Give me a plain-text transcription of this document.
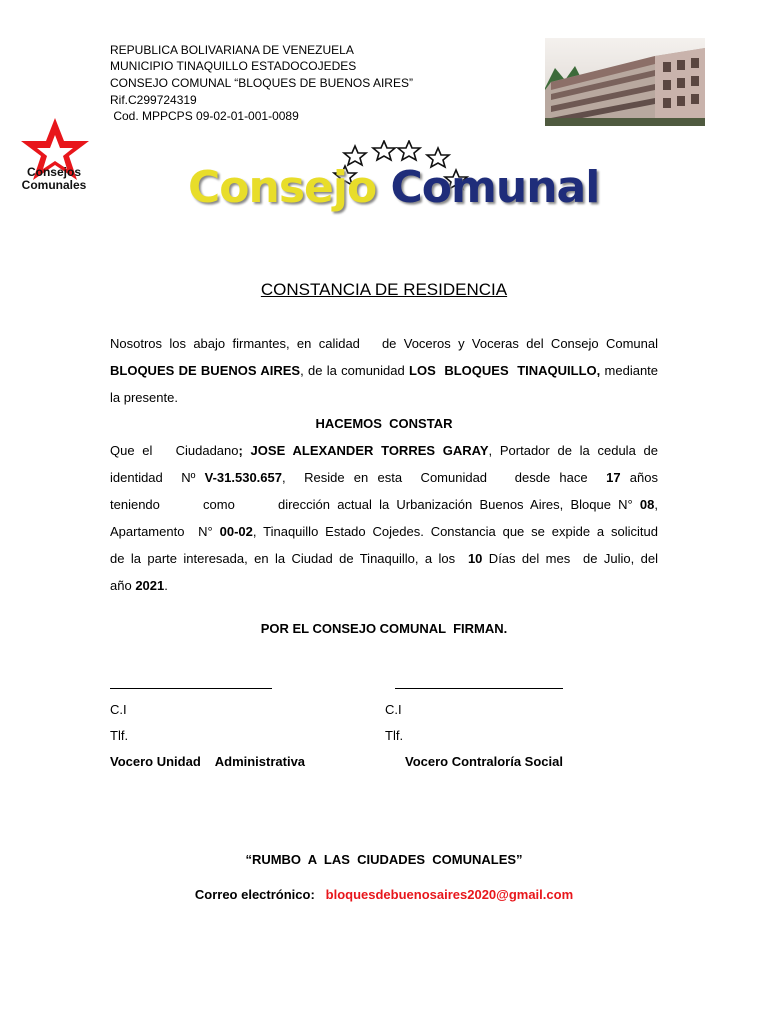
REPUBLICA BOLIVARIANA DE VENEZUELA
MUNICIPIO TINAQUILLO ESTADOCOJEDES
CONSEJO COMUNAL “BLOQUES DE BUENOS AIRES”
Rif.C299724319
Cod. MPPCPS 09-02-01-001-0089
Consejos
Comunales Consejo Comunal
CONSTANCIA DE RESIDENCIA

Nosotros los abajo firmantes, en calidad   de Voceros y Voceras del Consejo Comunal

BLOQUES DE BUENOS AIRES, de la comunidad LOS  BLOQUES  TINAQUILLO, mediante

la presente.

HACEMOS  CONSTAR

Que el   Ciudadano; JOSE ALEXANDER TORRES GARAY, Portador de la cedula de

identidad  Nº V-31.530.657,  Reside en esta  Comunidad   desde hace  17 años

teniendo      como      dirección actual la Urbanización Buenos Aires, Bloque N° 08,

Apartamento  N° 00-02, Tinaquillo Estado Cojedes. Constancia que se expide a solicitud

de la parte interesada, en la Ciudad de Tinaquillo, a los  10 Días del mes  de Julio, del

año 2021.

POR EL CONSEJO COMUNAL  FIRMAN.
C.I
Tlf.
Vocero Unidad    Administrativa
C.I
Tlf.
Vocero Contraloría Social
“RUMBO  A  LAS  CIUDADES  COMUNALES”
Correo electrónico: bloquesdebuenosaires2020@gmail.com
